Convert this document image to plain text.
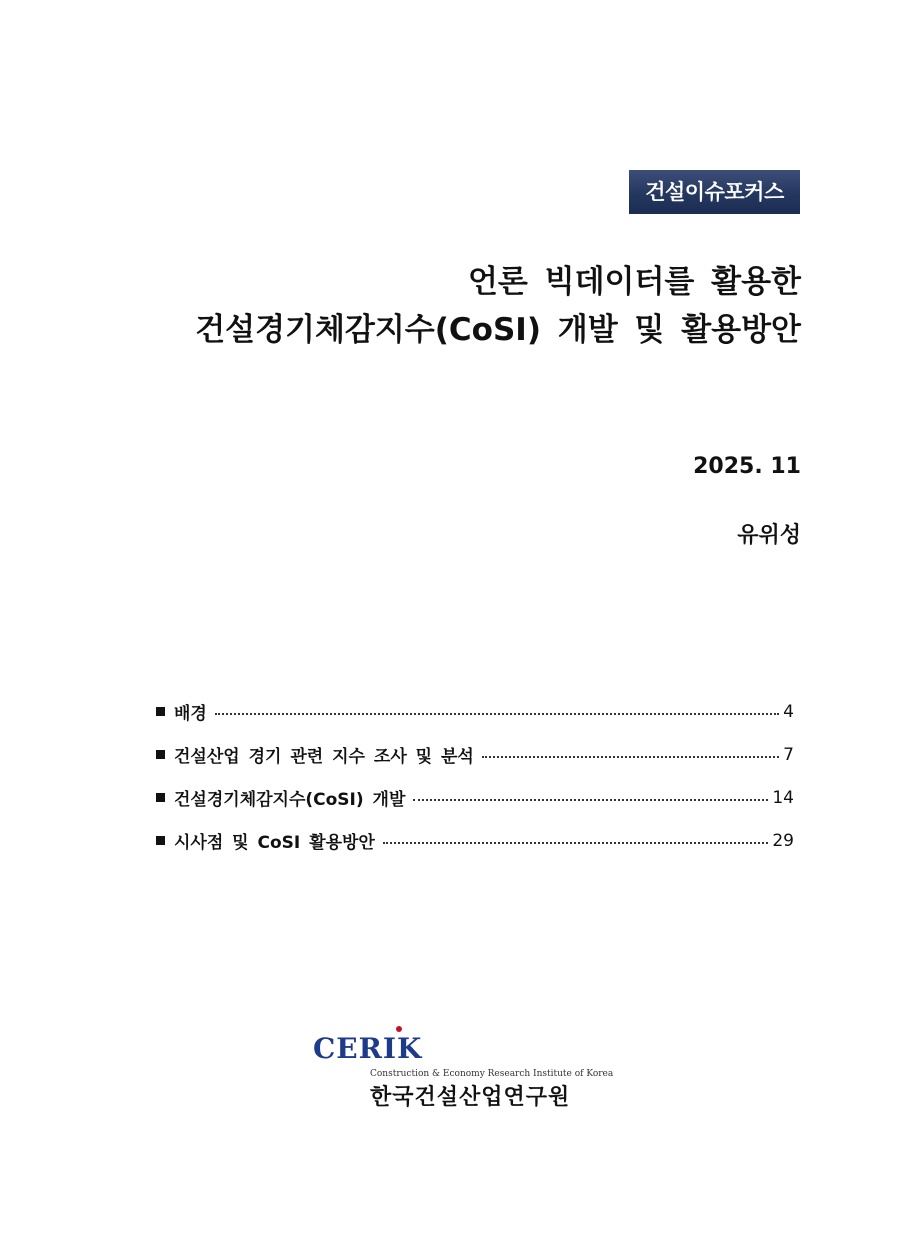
건설이슈포커스
언론 빅데이터를 활용한
건설경기체감지수(CoSI) 개발 및 활용방안
2025. 11
유위성
배경	4
건설산업 경기 관련 지수 조사 및 분석	7
건설경기체감지수(CoSI) 개발	14
시사점 및 CoSI 활용방안	29
CERIK
Construction & Economy Research Institute of Korea
한국건설산업연구원
